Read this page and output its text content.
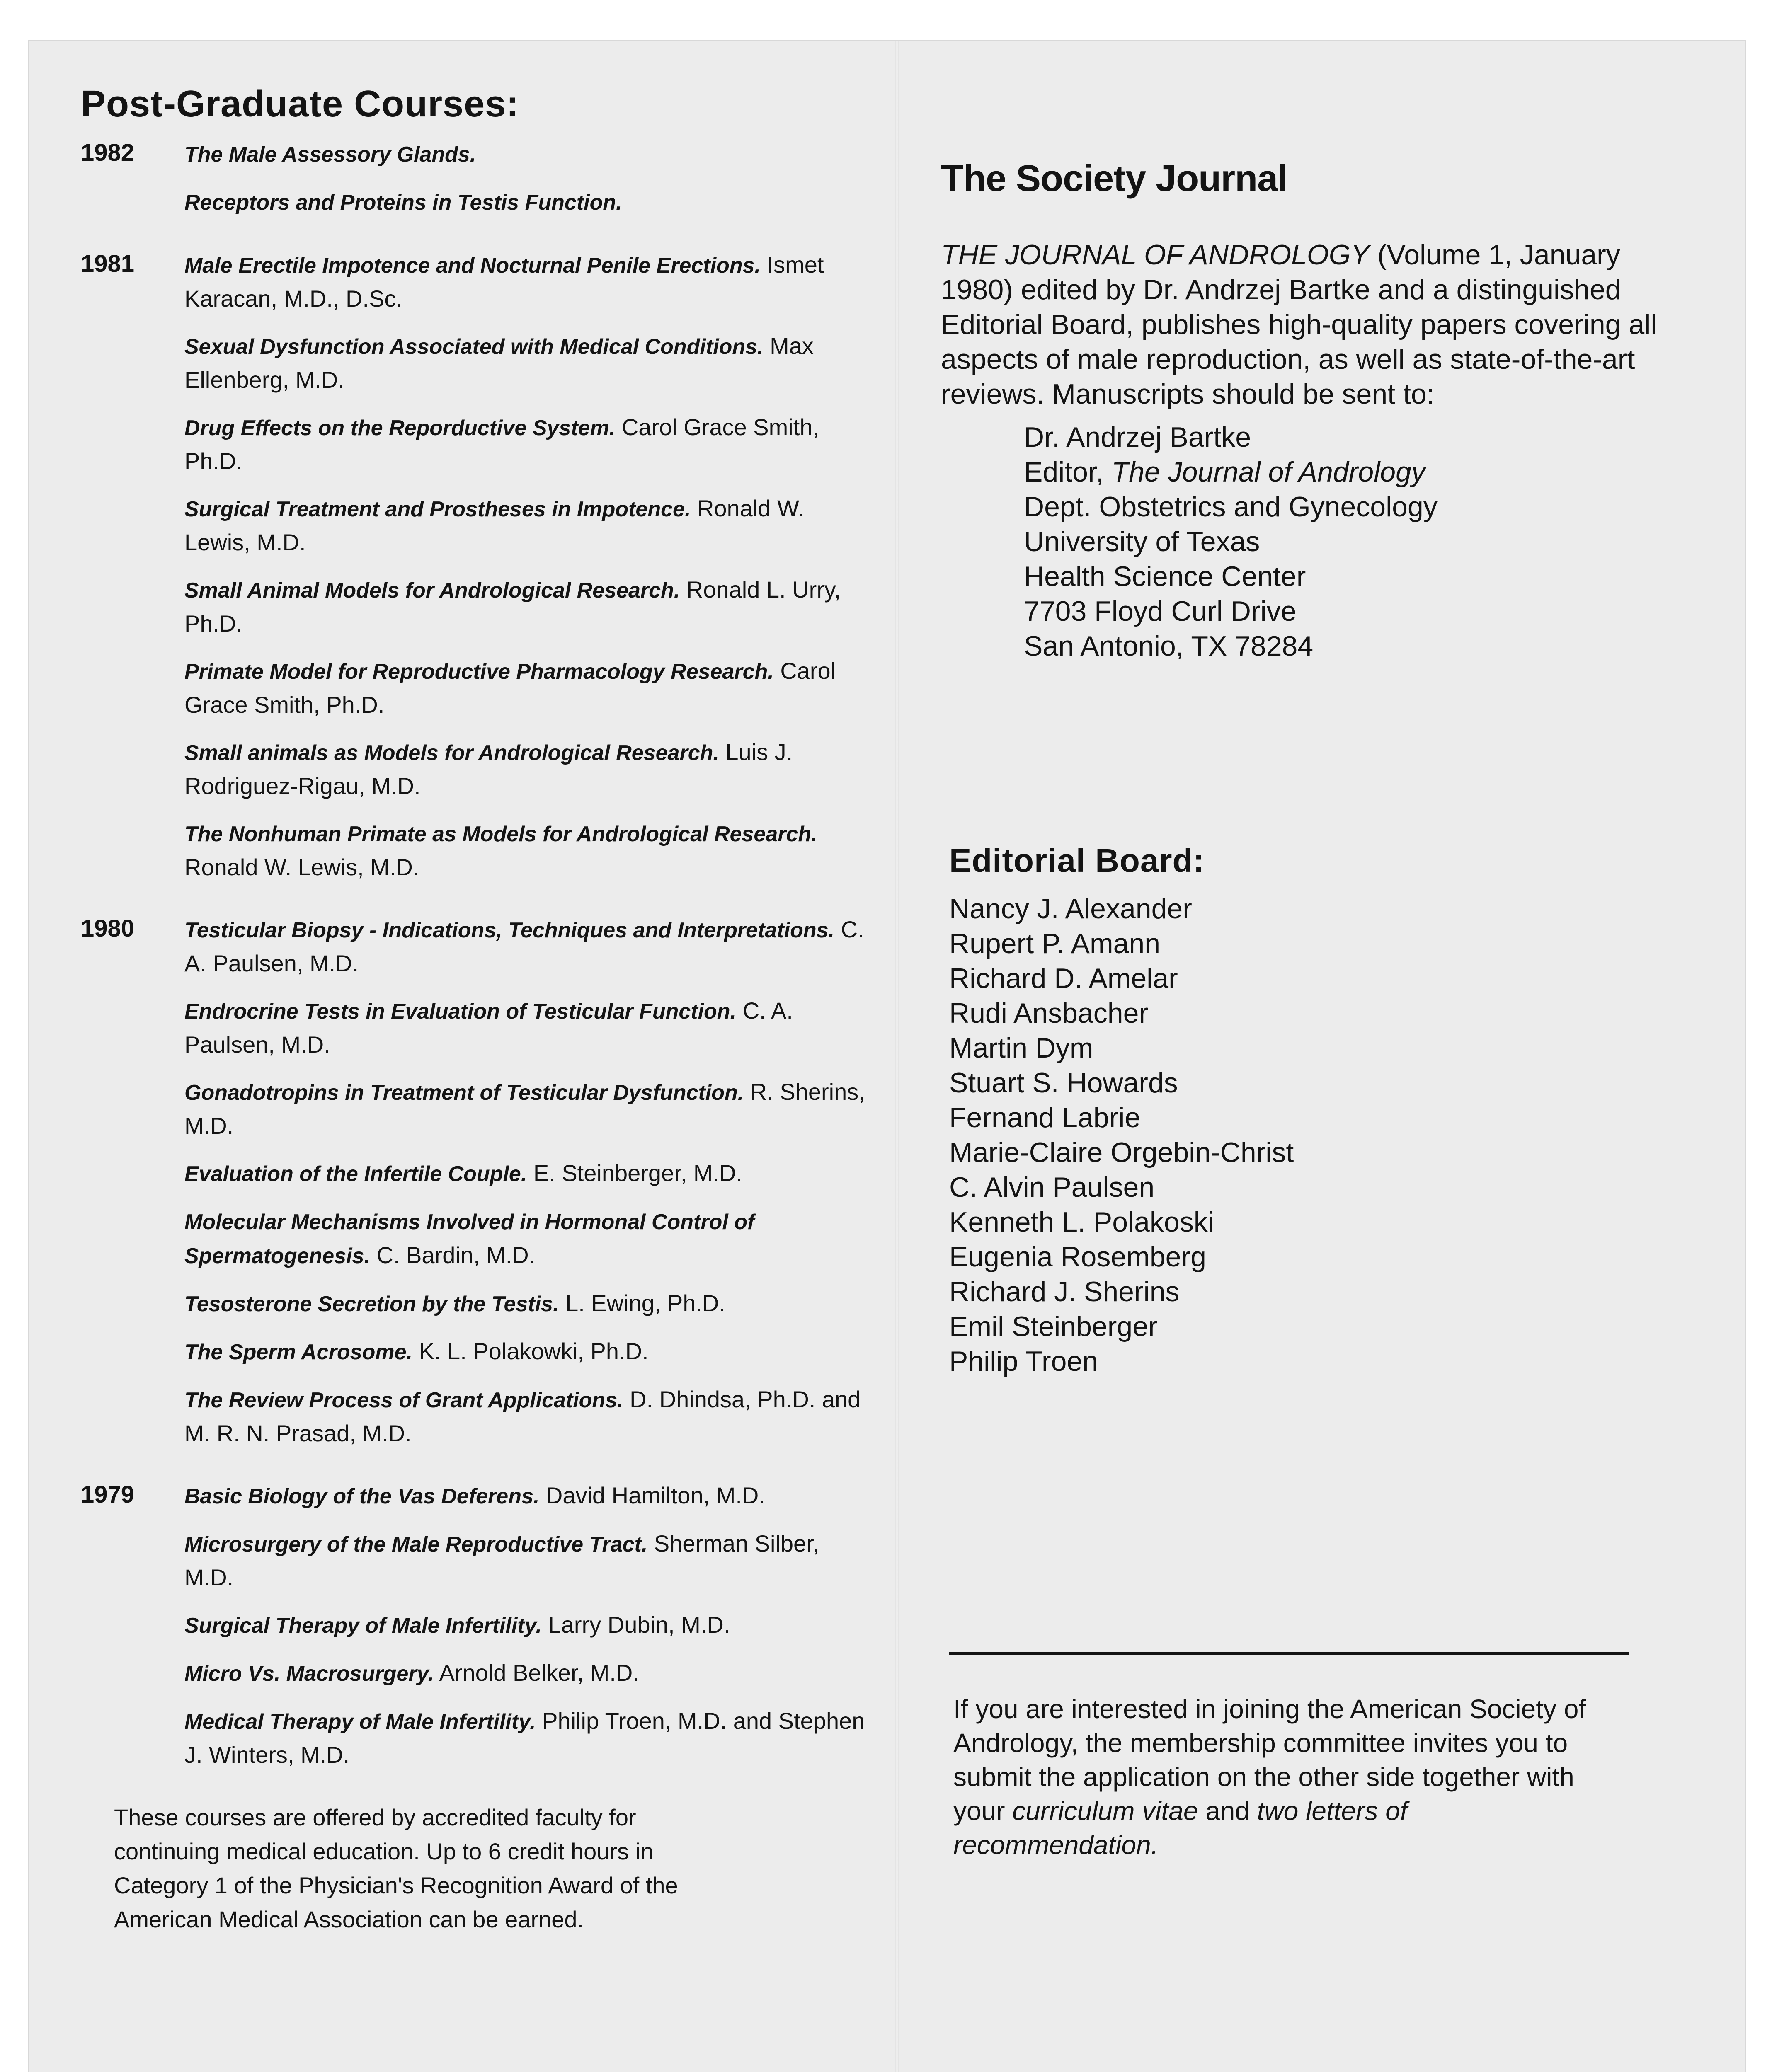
Post-Graduate Courses:
1982 The Male Assessory Glands.
Receptors and Proteins in Testis Function.
1981 Male Erectile Impotence and Nocturnal Penile Erections. Ismet Karacan, M.D., D.Sc.
Sexual Dysfunction Associated with Medical Conditions. Max Ellenberg, M.D.
Drug Effects on the Reporductive System. Carol Grace Smith, Ph.D.
Surgical Treatment and Prostheses in Impotence. Ronald W. Lewis, M.D.
Small Animal Models for Andrological Research. Ronald L. Urry, Ph.D.
Primate Model for Reproductive Pharmacology Research. Carol Grace Smith, Ph.D.
Small animals as Models for Andrological Research. Luis J. Rodriguez-Rigau, M.D.
The Nonhuman Primate as Models for Andrological Research. Ronald W. Lewis, M.D.
1980 Testicular Biopsy - Indications, Techniques and Interpretations. C. A. Paulsen, M.D.
Endrocrine Tests in Evaluation of Testicular Function. C. A. Paulsen, M.D.
Gonadotropins in Treatment of Testicular Dysfunction. R. Sherins, M.D.
Evaluation of the Infertile Couple. E. Steinberger, M.D.
Molecular Mechanisms Involved in Hormonal Control of Spermatogenesis. C. Bardin, M.D.
Tesosterone Secretion by the Testis. L. Ewing, Ph.D.
The Sperm Acrosome. K. L. Polakowki, Ph.D.
The Review Process of Grant Applications. D. Dhindsa, Ph.D. and M. R. N. Prasad, M.D.
1979 Basic Biology of the Vas Deferens. David Hamilton, M.D.
Microsurgery of the Male Reproductive Tract. Sherman Silber, M.D.
Surgical Therapy of Male Infertility. Larry Dubin, M.D.
Micro Vs. Macrosurgery. Arnold Belker, M.D.
Medical Therapy of Male Infertility. Philip Troen, M.D. and Stephen J. Winters, M.D.
These courses are offered by accredited faculty for continuing medical education. Up to 6 credit hours in Category 1 of the Physician's Recognition Award of the American Medical Association can be earned.
The Society Journal

THE JOURNAL OF ANDROLOGY (Volume 1, January 1980) edited by Dr. Andrzej Bartke and a distinguished Editorial Board, publishes high-quality papers covering all aspects of male reproduction, as well as state-of-the-art reviews. Manuscripts should be sent to:

Dr. Andrzej Bartke
Editor, The Journal of Andrology
Dept. Obstetrics and Gynecology
University of Texas
Health Science Center
7703 Floyd Curl Drive
San Antonio, TX 78284
Editorial Board:
Nancy J. Alexander
Rupert P. Amann
Richard D. Amelar
Rudi Ansbacher
Martin Dym
Stuart S. Howards
Fernand Labrie
Marie-Claire Orgebin-Christ
C. Alvin Paulsen
Kenneth L. Polakoski
Eugenia Rosemberg
Richard J. Sherins
Emil Steinberger
Philip Troen
If you are interested in joining the American Society of Andrology, the membership committee invites you to submit the application on the other side together with your curriculum vitae and two letters of recommendation.
